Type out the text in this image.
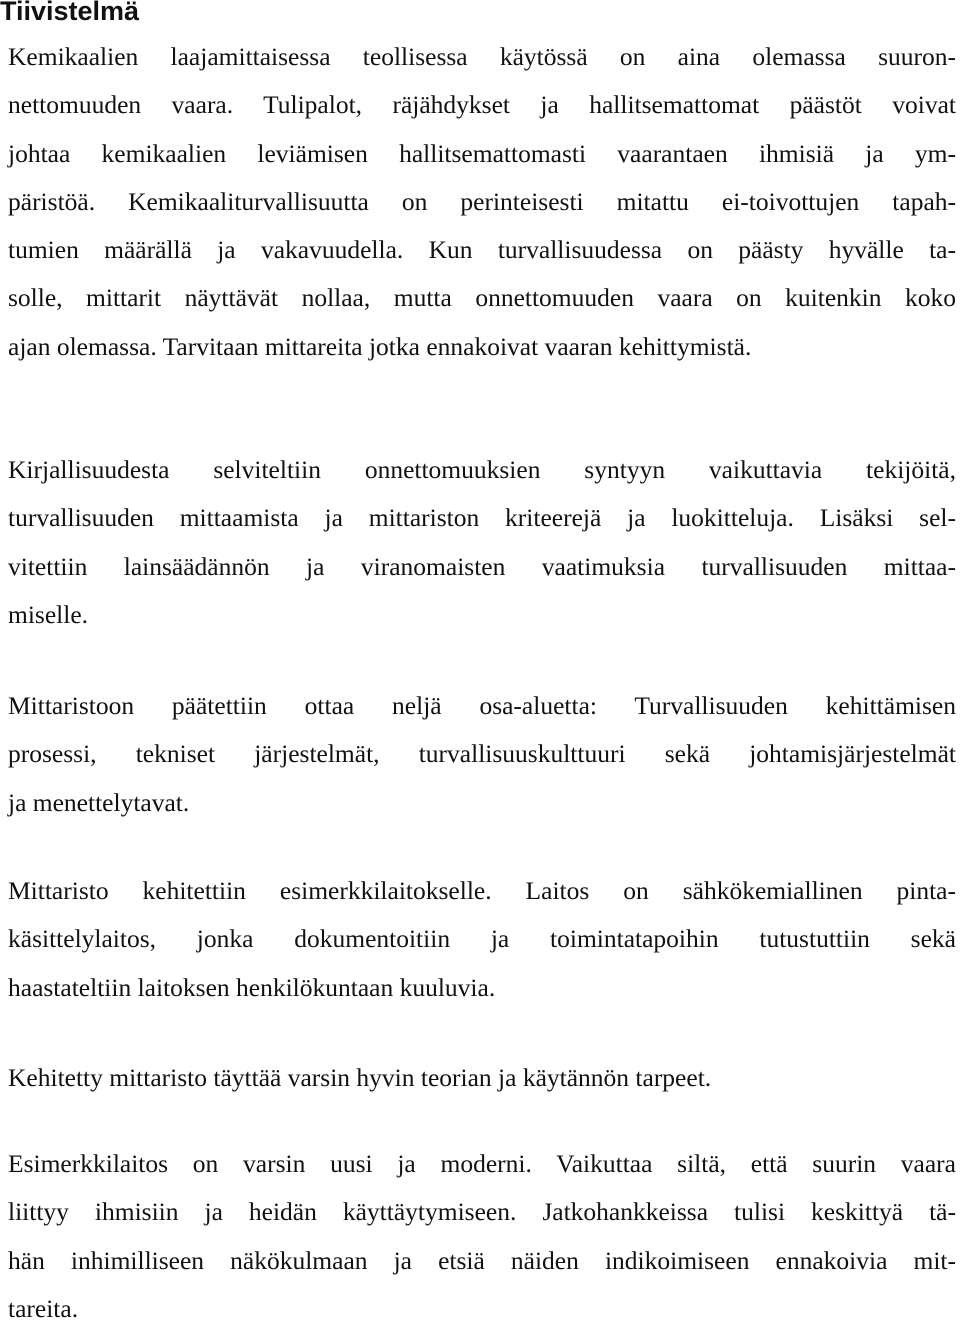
Tiivistelmä
Kemikaalien laajamittaisessa teollisessa käytössä on aina olemassa suuron-
nettomuuden vaara. Tulipalot, räjähdykset ja hallitsemattomat päästöt voivat
johtaa kemikaalien leviämisen hallitsemattomasti vaarantaen ihmisiä ja ym-
päristöä. Kemikaaliturvallisuutta on perinteisesti mitattu ei-toivottujen tapah-
tumien määrällä ja vakavuudella. Kun turvallisuudessa on päästy hyvälle ta-
solle, mittarit näyttävät nollaa, mutta onnettomuuden vaara on kuitenkin koko
ajan olemassa. Tarvitaan mittareita jotka ennakoivat vaaran kehittymistä.
Kirjallisuudesta selviteltiin onnettomuuksien syntyyn vaikuttavia tekijöitä,
turvallisuuden mittaamista ja mittariston kriteerejä ja luokitteluja. Lisäksi sel-
vitettiin lainsäädännön ja viranomaisten vaatimuksia turvallisuuden mittaa-
miselle.
Mittaristoon päätettiin ottaa neljä osa-aluetta: Turvallisuuden kehittämisen
prosessi, tekniset järjestelmät, turvallisuuskulttuuri sekä johtamisjärjestelmät
ja menettelytavat.
Mittaristo kehitettiin esimerkkilaitokselle. Laitos on sähkökemiallinen pinta-
käsittelylaitos, jonka dokumentoitiin ja toimintatapoihin tutustuttiin sekä
haastateltiin laitoksen henkilökuntaan kuuluvia.
Kehitetty mittaristo täyttää varsin hyvin teorian ja käytännön tarpeet.
Esimerkkilaitos on varsin uusi ja moderni. Vaikuttaa siltä, että suurin vaara
liittyy ihmisiin ja heidän käyttäytymiseen. Jatkohankkeissa tulisi keskittyä tä-
hän inhimilliseen näkökulmaan ja etsiä näiden indikoimiseen ennakoivia mit-
tareita.
